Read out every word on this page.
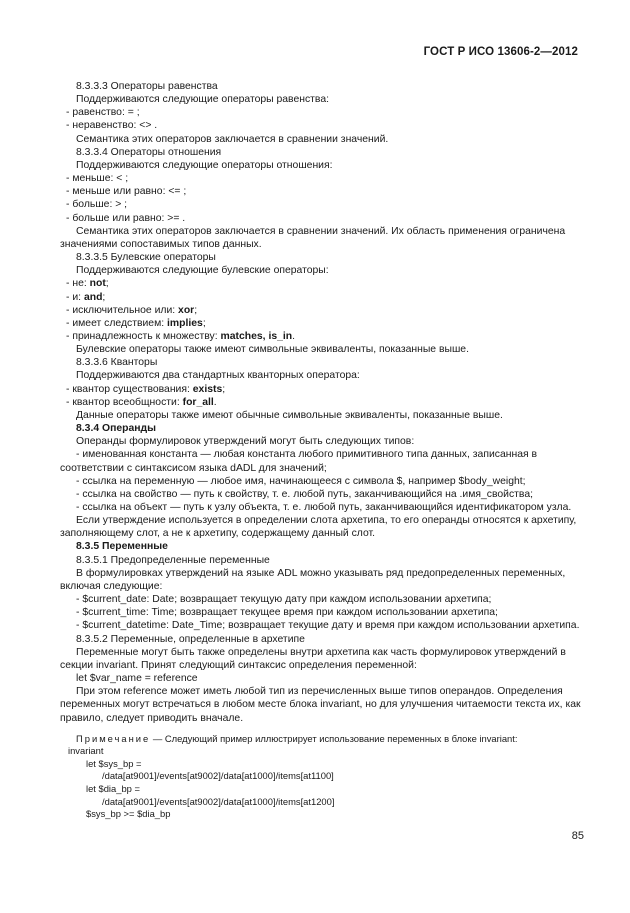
ГОСТ Р ИСО 13606-2—2012

8.3.3.3 Операторы равенства

Поддерживаются следующие операторы равенства:

- равенство: = ;

- неравенство: <> .

Семантика этих операторов заключается в сравнении значений.

8.3.3.4 Операторы отношения

Поддерживаются следующие операторы отношения:

- меньше: < ;

- меньше или равно: <= ;

- больше: > ;

- больше или равно: >= .

Семантика этих операторов заключается в сравнении значений. Их область применения ограничена значениями сопоставимых типов данных.

8.3.3.5 Булевские операторы

Поддерживаются следующие булевские операторы:

- не: not;

- и: and;

- исключительное или: xor;

- имеет следствием: implies;

- принадлежность к множеству: matches, is_in.

Булевские операторы также имеют символьные эквиваленты, показанные выше.

8.3.3.6 Кванторы

Поддерживаются два стандартных кванторных оператора:

- квантор существования: exists;

- квантор всеобщности: for_all.

Данные операторы также имеют обычные символьные эквиваленты, показанные выше.

8.3.4 Операнды

Операнды формулировок утверждений могут быть следующих типов:

- именованная константа — любая константа любого примитивного типа данных, записанная в соответствии с синтаксисом языка dADL для значений;

- ссылка на переменную — любое имя, начинающееся с символа $, например $body_weight;

- ссылка на свойство — путь к свойству, т. е. любой путь, заканчивающийся на .имя_свойства;

- ссылка на объект — путь к узлу объекта, т. е. любой путь, заканчивающийся идентификатором узла.

Если утверждение используется в определении слота архетипа, то его операнды относятся к архетипу, заполняющему слот, а не к архетипу, содержащему данный слот.

8.3.5 Переменные

8.3.5.1 Предопределенные переменные

В формулировках утверждений на языке ADL можно указывать ряд предопределенных переменных, включая следующие:

- $current_date: Date; возвращает текущую дату при каждом использовании архетипа;

- $current_time: Time; возвращает текущее время при каждом использовании архетипа;

- $current_datetime: Date_Time; возвращает текущие дату и время при каждом использовании архетипа.

8.3.5.2 Переменные, определенные в архетипе

Переменные могут быть также определены внутри архетипа как часть формулировок утверждений в секции invariant. Принят следующий синтаксис определения переменной:

let $var_name = reference

При этом reference может иметь любой тип из перечисленных выше типов операндов. Определения переменных могут встречаться в любом месте блока invariant, но для улучшения читаемости текста их, как правило, следует приводить вначале.

Примечание — Следующий пример иллюстрирует использование переменных в блоке invariant:

invariant

let $sys_bp =

/data[at9001]/events[at9002]/data[at1000]/items[at1100]

let $dia_bp =

/data[at9001]/events[at9002]/data[at1000]/items[at1200]

$sys_bp >= $dia_bp

85
